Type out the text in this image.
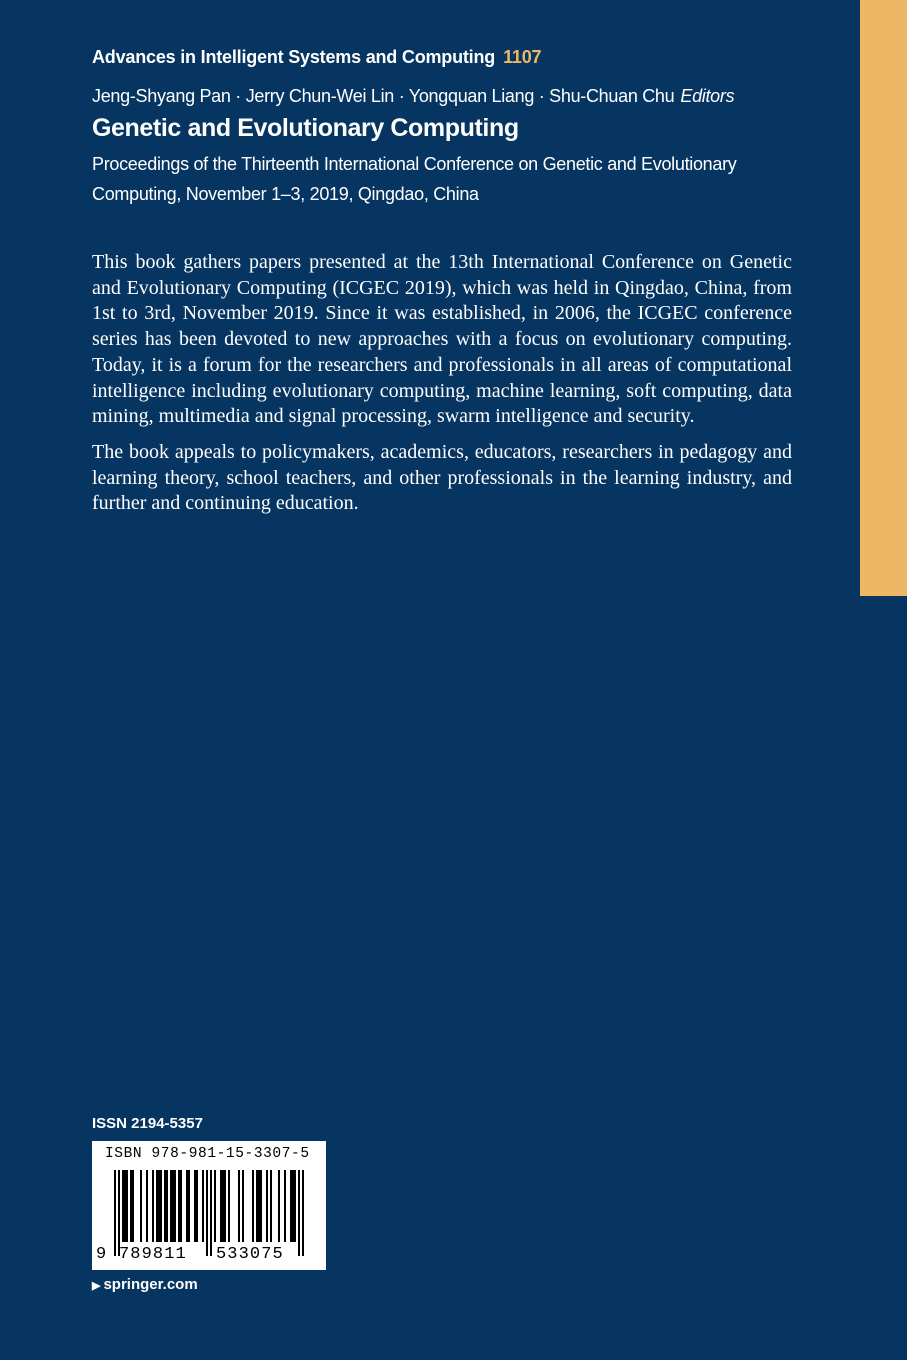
Advances in Intelligent Systems and Computing 1107
Jeng-Shyang Pan · Jerry Chun-Wei Lin · Yongquan Liang · Shu-Chuan Chu Editors
Genetic and Evolutionary Computing
Proceedings of the Thirteenth International Conference on Genetic and Evolutionary Computing, November 1–3, 2019, Qingdao, China

This book gathers papers presented at the 13th International Conference on Genetic and Evolutionary Computing (ICGEC 2019), which was held in Qingdao, China, from 1st to 3rd, November 2019. Since it was established, in 2006, the ICGEC conference series has been devoted to new approaches with a focus on evolutionary computing. Today, it is a forum for the researchers and professionals in all areas of computational intelligence including evolutionary computing, machine learning, soft computing, data mining, multimedia and signal processing, swarm intelligence and security.

The book appeals to policymakers, academics, educators, researchers in pedagogy and learning theory, school teachers, and other professionals in the learning industry, and further and continuing education.

ISSN 2194-5357
ISBN 978-981-15-3307-5
9 789811 533075
▶ springer.com
